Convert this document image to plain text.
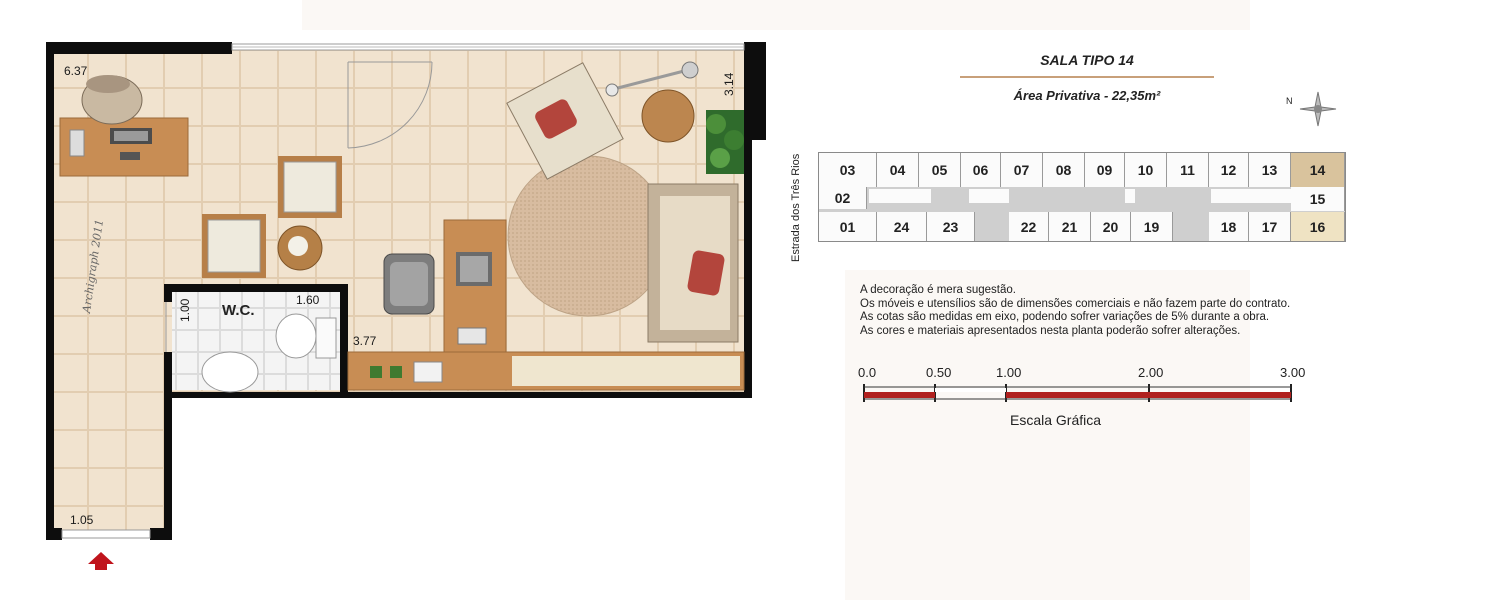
6.37
3.14
1.00	1.60
3.77
1.05
W.C.
Archigraph 2011
SALA TIPO 14
Área Privativa - 22,35m²	N
Estrada dos Três Rios	03	04	05	06	07	08	09	10	11	12	13	14
02	15
01	24	23	22	21	20	19	18	17	16
A decoração é mera sugestão.
Os móveis e utensílios são de dimensões comerciais e não fazem parte do contrato.
As cotas são medidas em eixo, podendo sofrer variações de 5% durante a obra.
As cores e materiais apresentados nesta planta poderão sofrer alterações.
0.0	0.50	1.00	2.00	3.00
Escala Gráfica
